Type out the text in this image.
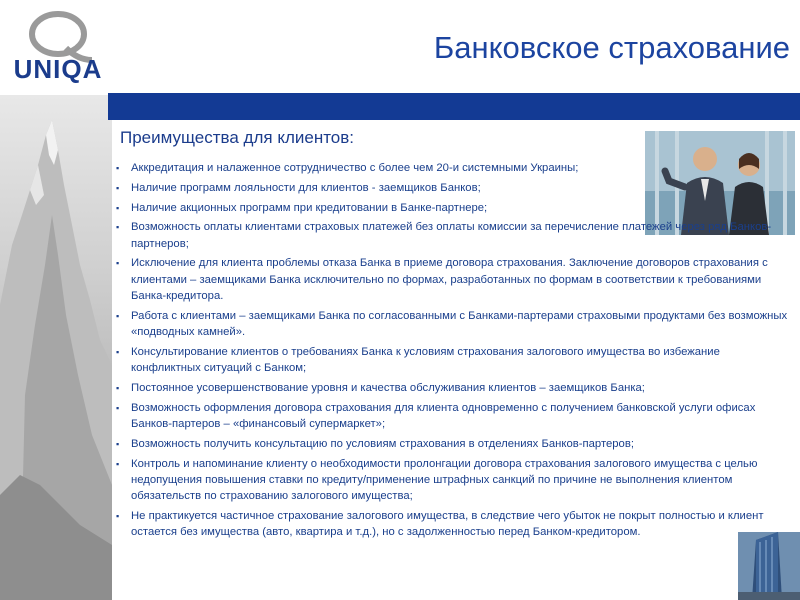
UNIQA
Банковское страхование
Преимущества для клиентов:
▪ Аккредитация и налаженное сотрудничество с более чем 20-и системными Украины;
▪ Наличие программ лояльности для клиентов - заемщиков Банков;
▪ Наличие акционных программ при кредитовании в Банке-партнере;
▪ Возможность оплаты клиентами страховых платежей без оплаты комиссии за перечисление платежей через ряд Банков-партнеров;
▪ Исключение для клиента проблемы отказа Банка в приеме договора страхования. Заключение договоров страхования с клиентами – заемщиками Банка исключительно по формах, разработанных по формам в соответствии к требованиями Банка-кредитора.
▪ Работа с клиентами – заемщиками Банка по согласованными с Банками-партерами страховыми продуктами без возможных «подводных камней».
▪ Консультирование клиентов о требованиях Банка к условиям страхования залогового имущества во избежание конфликтных ситуаций с Банком;
▪ Постоянное усовершенствование уровня и качества обслуживания клиентов – заемщиков Банка;
▪ Возможность оформления договора страхования для клиента одновременно с получением банковской услуги офисах Банков-партеров – «финансовый супермаркет»;
▪ Возможность получить консультацию по условиям страхования в отделениях Банков-партеров;
▪ Контроль и напоминание клиенту о необходимости пролонгации договора страхования залогового имущества с целью недопущения повышения ставки по кредиту/применение штрафных санкций по причине не выполнения клиентом обязательств по страхованию залогового имущества;
▪ Не практикуется частичное страхование залогового имущества, в следствие чего убыток не покрыт полностью и клиент остается без имущества (авто, квартира и т.д.), но с задолженностью перед Банком-кредитором.
